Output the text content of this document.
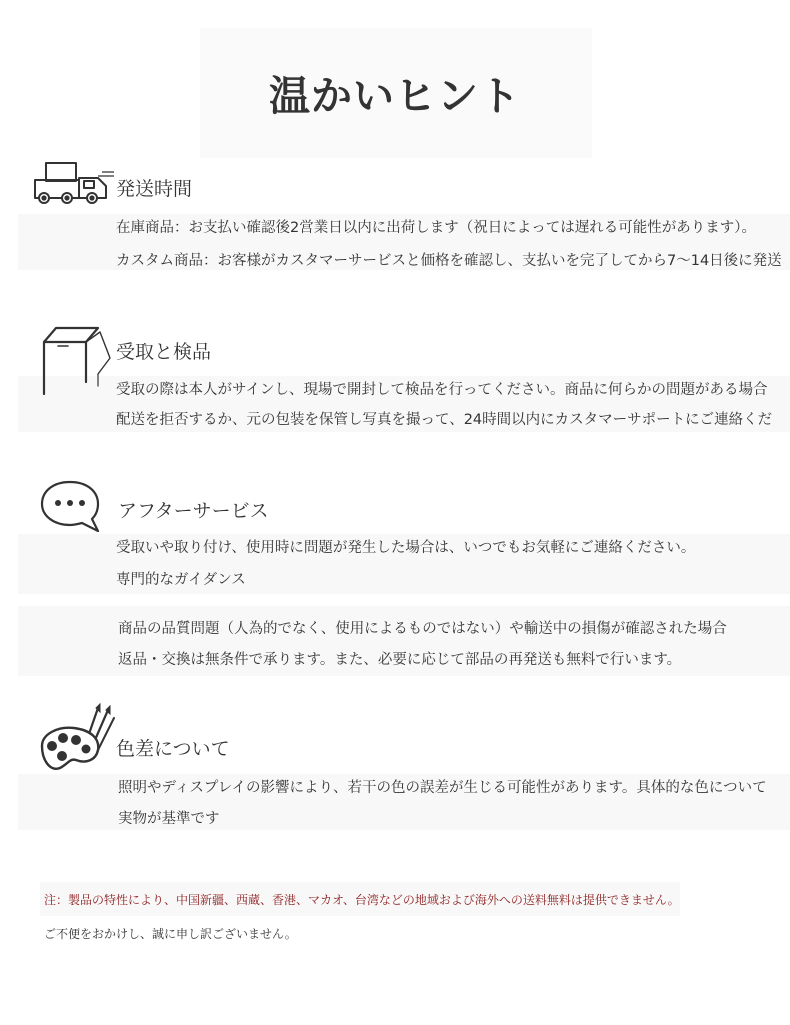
温かいヒント
発送時間
在庫商品：お支払い確認後2営業日以内に出荷します（祝日によっては遅れる可能性があります）。
カスタム商品：お客様がカスタマーサービスと価格を確認し、支払いを完了してから7〜14日後に発送
受取と検品
受取の際は本人がサインし、現場で開封して検品を行ってください。商品に何らかの問題がある場合
配送を拒否するか、元の包装を保管し写真を撮って、24時間以内にカスタマーサポートにご連絡くだ
アフターサービス
受取いや取り付け、使用時に問題が発生した場合は、いつでもお気軽にご連絡ください。
専門的なガイダンス
商品の品質問題（人為的でなく、使用によるものではない）や輸送中の損傷が確認された場合
返品・交換は無条件で承ります。また、必要に応じて部品の再発送も無料で行います。
色差について
照明やディスプレイの影響により、若干の色の誤差が生じる可能性があります。具体的な色について
実物が基準です
注：製品の特性により、中国新疆、西蔵、香港、マカオ、台湾などの地域および海外への送料無料は提供できません。
ご不便をおかけし、誠に申し訳ございません。
